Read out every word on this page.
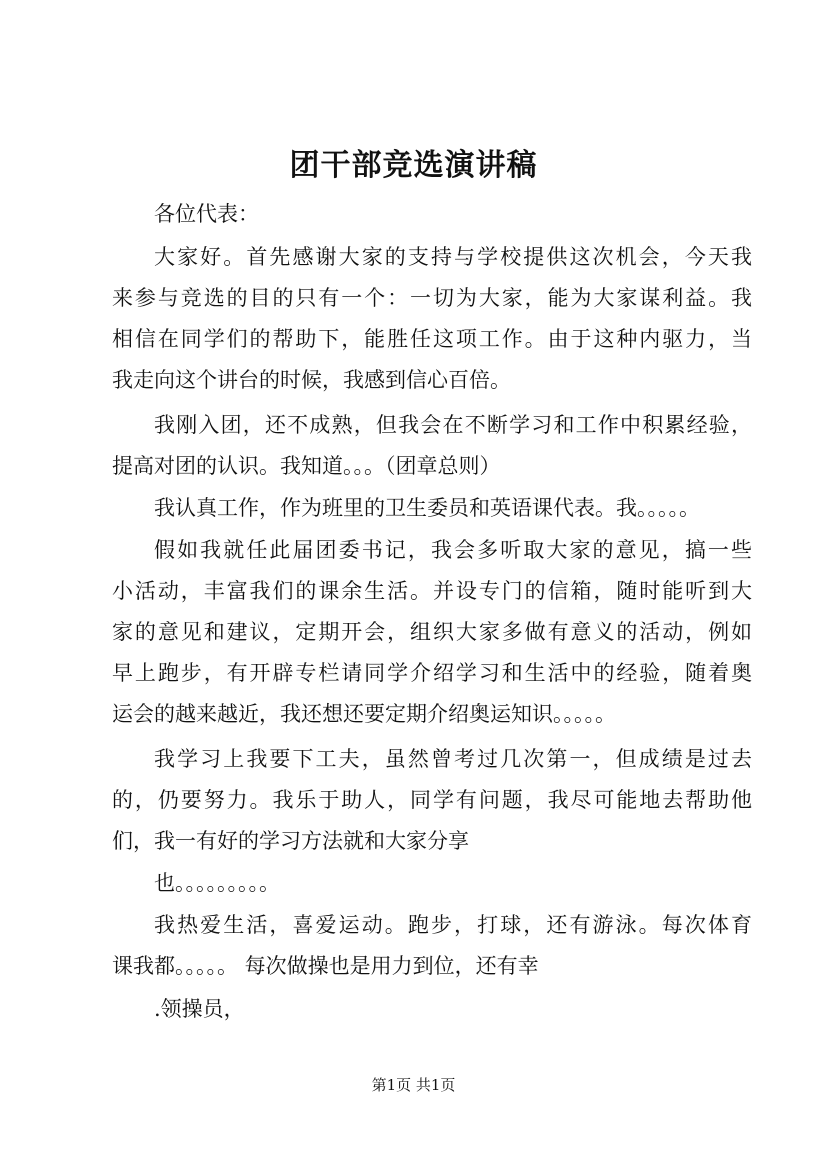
团干部竞选演讲稿
各位代表：
大家好。首先感谢大家的支持与学校提供这次机会，今天我
来参与竞选的目的只有一个：一切为大家，能为大家谋利益。我
相信在同学们的帮助下，能胜任这项工作。由于这种内驱力，当
我走向这个讲台的时候，我感到信心百倍。
我刚入团，还不成熟，但我会在不断学习和工作中积累经验，
提高对团的认识。我知道。。。（团章总则）
我认真工作，作为班里的卫生委员和英语课代表。我。。。。。
假如我就任此届团委书记，我会多听取大家的意见，搞一些
小活动，丰富我们的课余生活。并设专门的信箱，随时能听到大
家的意见和建议，定期开会，组织大家多做有意义的活动，例如
早上跑步，有开辟专栏请同学介绍学习和生活中的经验，随着奥
运会的越来越近，我还想还要定期介绍奥运知识。。。。。
我学习上我要下工夫，虽然曾考过几次第一，但成绩是过去
的，仍要努力。我乐于助人，同学有问题，我尽可能地去帮助他
们，我一有好的学习方法就和大家分享
也。。。。。。。。。
我热爱生活，喜爱运动。跑步，打球，还有游泳。每次体育
课我都。。。。。 每次做操也是用力到位，还有幸
.领操员，
第1页 共1页
